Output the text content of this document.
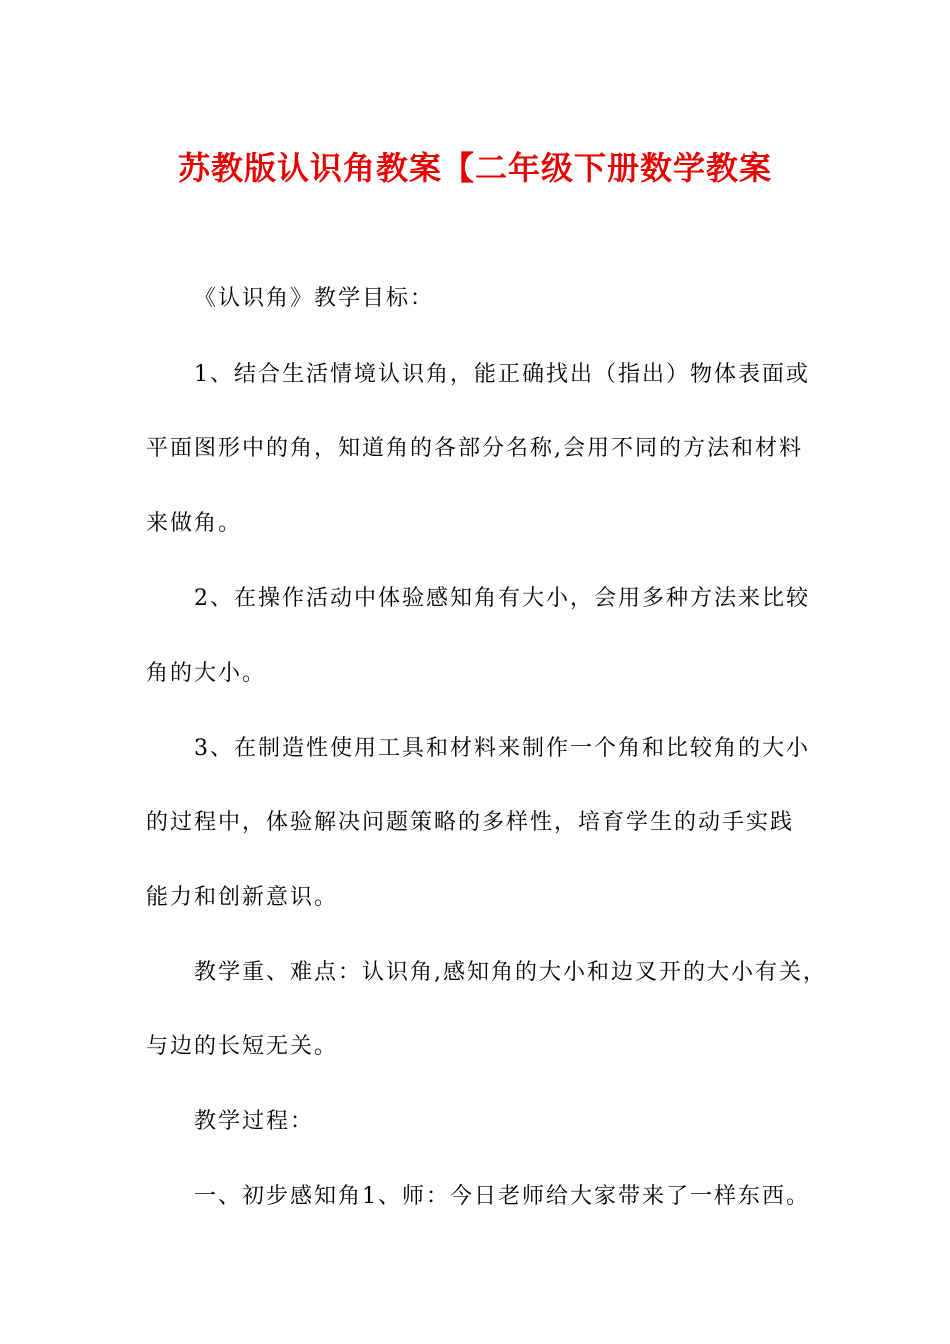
苏教版认识角教案【二年级下册数学教案
《认识角》教学目标：
1、结合生活情境认识角，能正确找出（指出）物体表面或
平面图形中的角，知道角的各部分名称,会用不同的方法和材料
来做角。
2、在操作活动中体验感知角有大小，会用多种方法来比较
角的大小。
3、在制造性使用工具和材料来制作一个角和比较角的大小
的过程中，体验解决问题策略的多样性，培育学生的动手实践
能力和创新意识。
教学重、难点：认识角,感知角的大小和边叉开的大小有关，
与边的长短无关。
教学过程：
一、初步感知角1、师：今日老师给大家带来了一样东西。
